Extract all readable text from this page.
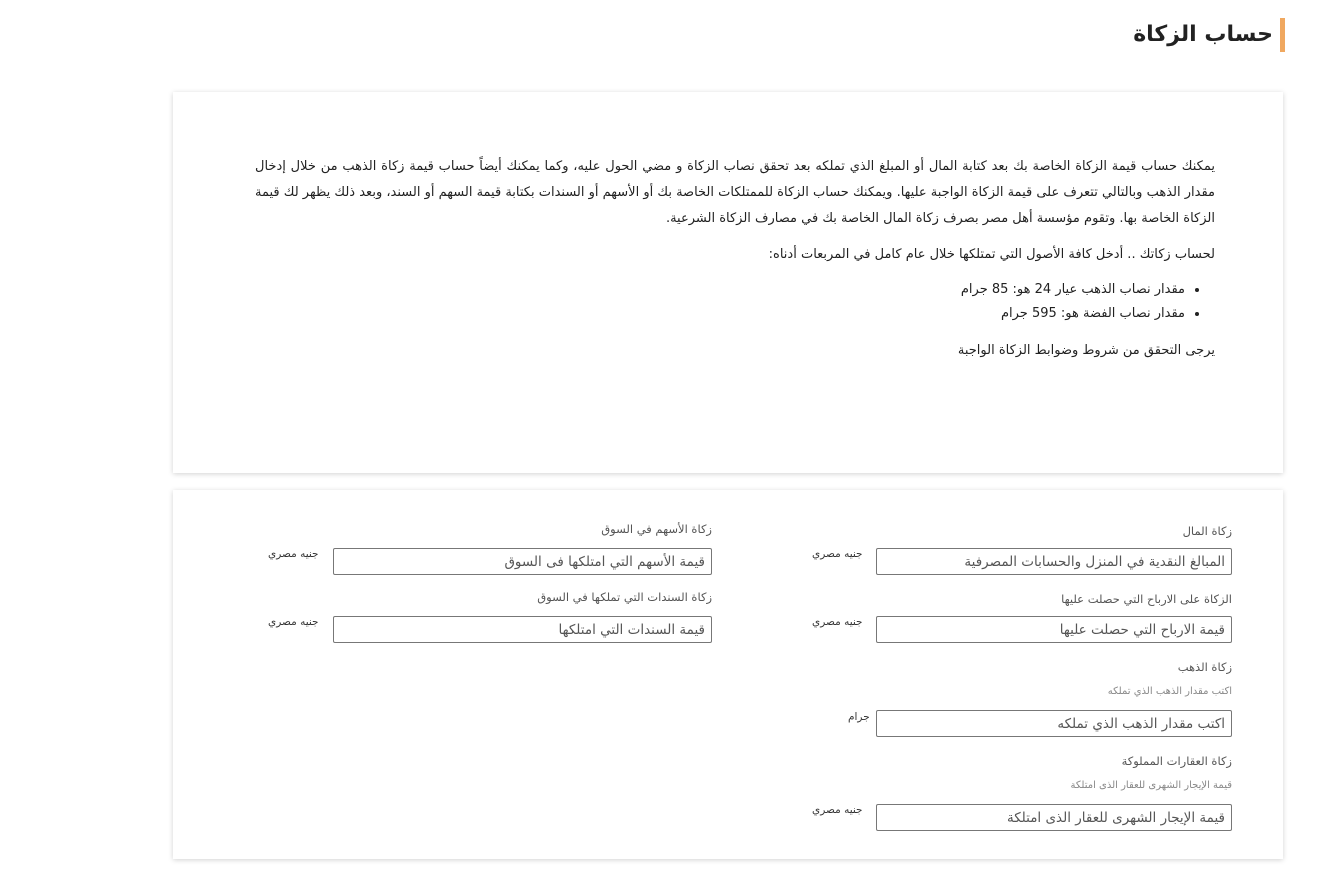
حساب الزكاة

يمكنك حساب قيمة الزكاة الخاصة بك بعد كتابة المال أو المبلغ الذي تملكه بعد تحقق نصاب الزكاة و مضي الحول عليه، وكما يمكنك أيضاً حساب قيمة زكاة الذهب من خلال إدخال مقدار الذهب وبالتالي تتعرف على قيمة الزكاة الواجبة عليها. ويمكنك حساب الزكاة للممتلكات الخاصة بك أو الأسهم أو السندات بكتابة قيمة السهم أو السند، وبعد ذلك يظهر لك قيمة الزكاة الخاصة بها. وتقوم مؤسسة أهل مصر بصرف زكاة المال الخاصة بك في مصارف الزكاة الشرعية.

لحساب زكاتك .. أدخل كافة الأصول التي تمتلكها خلال عام كامل في المربعات أدناه:

• مقدار نصاب الذهب عيار 24 هو: 85 جرام
• مقدار نصاب الفضة هو: 595 جرام

يرجى التحقق من شروط وضوابط الزكاة الواجبة

زكاة المال
المبالغ النقدية في المنزل والحسابات المصرفية
جنيه مصري
الزكاة على الارباح التي حصلت عليها
قيمة الارباح التي حصلت عليها
جنيه مصري
زكاة الذهب
اكتب مقدار الذهب الذي تملكه
اكتب مقدار الذهب الذي تملكه
جرام
زكاة العقارات المملوكة
قيمة الإيجار الشهرى للعقار الذى امتلكة
قيمة الإيجار الشهرى للعقار الذى امتلكة
جنيه مصري
زكاة الأسهم في السوق
قيمة الأسهم التي امتلكها فى السوق
جنيه مصري
زكاة السندات التي تملكها في السوق
قيمة السندات التي امتلكها
جنيه مصري
